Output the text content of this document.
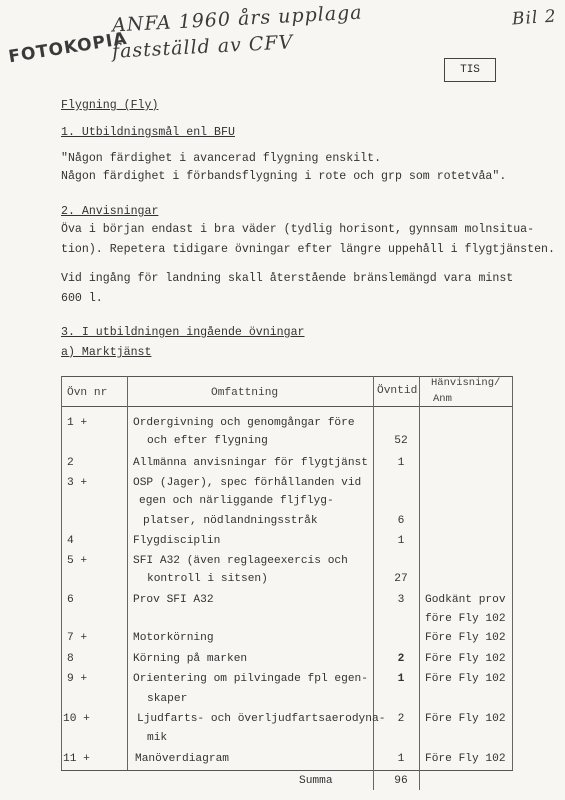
FOTOKOPIA
ANFA 1960 års upplaga
fastställd av CFV
Bil 2
TIS
Flygning (Fly)
1. Utbildningsmål enl BFU
"Någon färdighet i avancerad flygning enskilt.
Någon färdighet i förbandsflygning i rote och grp som rotetvåa".
2. Anvisningar
Öva i början endast i bra väder (tydlig horisont, gynnsam molnsitua-
tion). Repetera tidigare övningar efter längre uppehåll i flygtjänsten.
Vid ingång för landning skall återstående bränslemängd vara minst
600 l.
3. I utbildningen ingående övningar
a) Marktjänst
Övn nr	Omfattning	Övntid
Hänvisning/
Anm
1 +	Ordergivning och genomgångar före
och efter flygning	52
2	Allmänna anvisningar för flygtjänst	1
3 +	OSP (Jager), spec förhållanden vid
egen och närliggande fljflyg-
platser, nödlandningsstråk	6
4	Flygdisciplin	1
5 +	SFI A32 (även reglageexercis och
kontroll i sitsen)	27
6	Prov SFI A32	3	Godkänt prov
före Fly 102
7 +	Motorkörning	Före Fly 102
8	Körning på marken	2	Före Fly 102
9 +	Orientering om pilvingade fpl egen-
skaper
1	Före Fly 102
10 +	Ljudfarts- och överljudfartsaerodyna-
mik
2	Före Fly 102
11 +	Manöverdiagram	1	Före Fly 102
Summa	96
